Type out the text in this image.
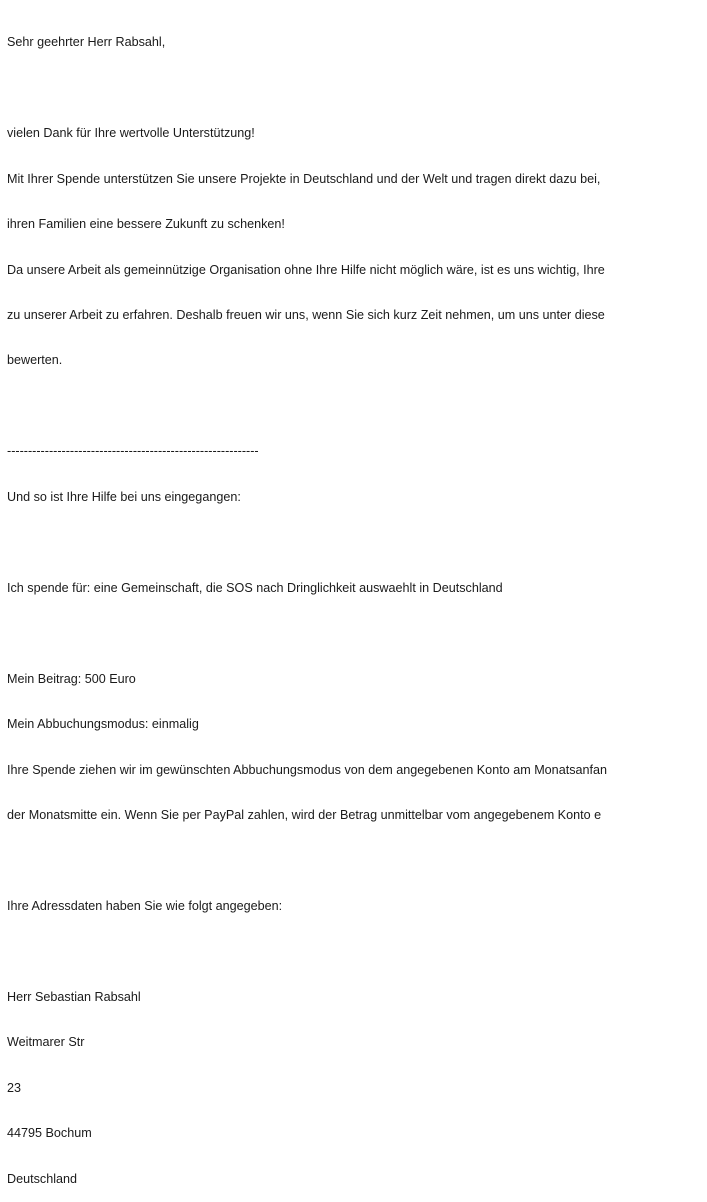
Sehr geehrter Herr Rabsahl,

vielen Dank für Ihre wertvolle Unterstützung!

Mit Ihrer Spende unterstützen Sie unsere Projekte in Deutschland und der Welt und tragen direkt dazu bei,

ihren Familien eine bessere Zukunft zu schenken!

Da unsere Arbeit als gemeinnützige Organisation ohne Ihre Hilfe nicht möglich wäre, ist es uns wichtig, Ihre

zu unserer Arbeit zu erfahren. Deshalb freuen wir uns, wenn Sie sich kurz Zeit nehmen, um uns unter diese

bewerten.

------------------------------------------------------------

Und so ist Ihre Hilfe bei uns eingegangen:

Ich spende für: eine Gemeinschaft, die SOS nach Dringlichkeit auswaehlt in Deutschland

Mein Beitrag: 500 Euro

Mein Abbuchungsmodus: einmalig

Ihre Spende ziehen wir im gewünschten Abbuchungsmodus von dem angegebenen Konto am Monatsanfan

der Monatsmitte ein. Wenn Sie per PayPal zahlen, wird der Betrag unmittelbar vom angegebenem Konto e

Ihre Adressdaten haben Sie wie folgt angegeben:

Herr Sebastian Rabsahl

Weitmarer Str

23

44795 Bochum

Deutschland
